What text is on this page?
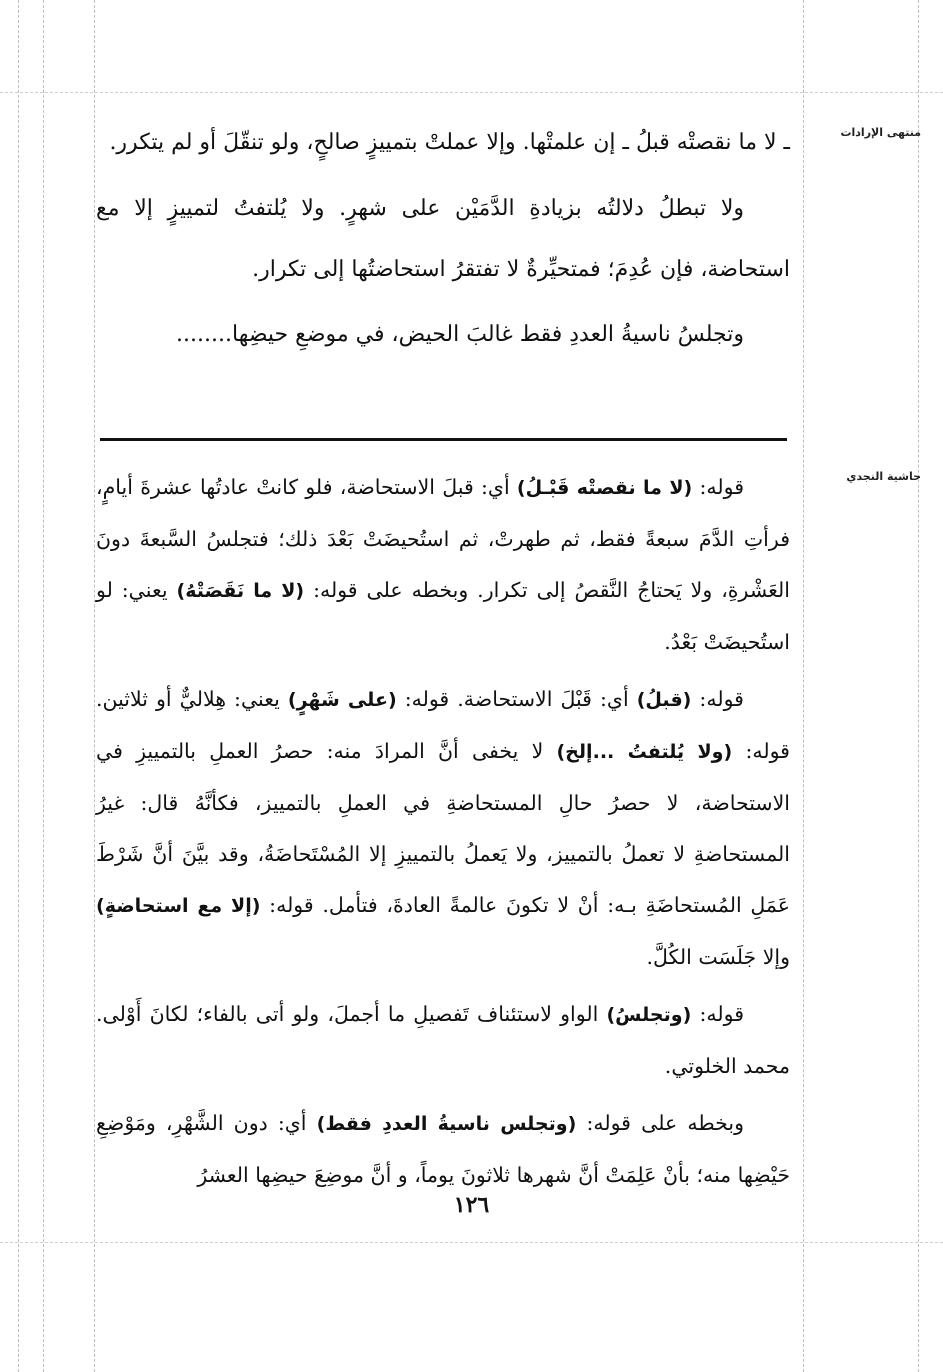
منتهى الإرادات
حاشية النجدي

ـ لا ما نقصتْه قبلُ ـ إن علمتْها. وإلا عملتْ بتمييزٍ صالحٍ، ولو تنقّلَ أو لم يتكرر.

ولا تبطلُ دلالتُه بزيادةِ الدَّمَيْن على شهرٍ. ولا يُلتفتُ لتمييزٍ إلا مع استحاضة، فإن عُدِمَ؛ فمتحيِّرةٌ لا تفتقرُ استحاضتُها إلى تكرار.

وتجلسُ ناسيةُ العددِ فقط غالبَ الحيض، في موضعِ حيضِها........

قوله: (لا ما نقصتْه قَبْـلُ) أي: قبلَ الاستحاضة، فلو كانتْ عادتُها عشرةَ أيامٍ، فرأتِ الدَّمَ سبعةً فقط، ثم طهرتْ، ثم استُحيضَتْ بَعْدَ ذلك؛ فتجلسُ السَّبعةَ دونَ العَشْرةِ، ولا يَحتاجُ النَّقصُ إلى تكرار. وبخطه على قوله: (لا ما نَقَصَتْهُ) يعني: لو استُحيضَتْ بَعْدُ.

قوله: (قبلُ) أي: قَبْلَ الاستحاضة. قوله: (على شَهْرٍ) يعني: هِلاليٌّ أو ثلاثين. قوله: (ولا يُلتفتُ ...إلخ) لا يخفى أنَّ المرادَ منه: حصرُ العملِ بالتمييزِ في الاستحاضة، لا حصرُ حالِ المستحاضةِ في العملِ بالتمييز، فكأنَّهُ قال: غيرُ المستحاضةِ لا تعملُ بالتمييز، ولا يَعملُ بالتمييزِ إلا المُسْتَحاضَةُ، وقد بيَّنَ أنَّ شَرْطَ عَمَلِ المُستحاضَةِ بـه: أنْ لا تكونَ عالمةً العادةَ، فتأمل. قوله: (إلا مع استحاضةٍ) وإلا جَلَسَت الكُلَّ.

قوله: (وتجلسُ) الواو لاستئناف تَفصيلِ ما أجملَ، ولو أتى بالفاء؛ لكانَ أَوْلى. محمد الخلوتي.

وبخطه على قوله: (وتجلس ناسيةُ العددِ فقط) أي: دون الشَّهْرِ، ومَوْضِعِ حَيْضِها منه؛ بأنْ عَلِمَتْ أنَّ شهرها ثلاثونَ يوماً، و أنَّ موضِعَ حيضِها العشرُ

١٢٦
